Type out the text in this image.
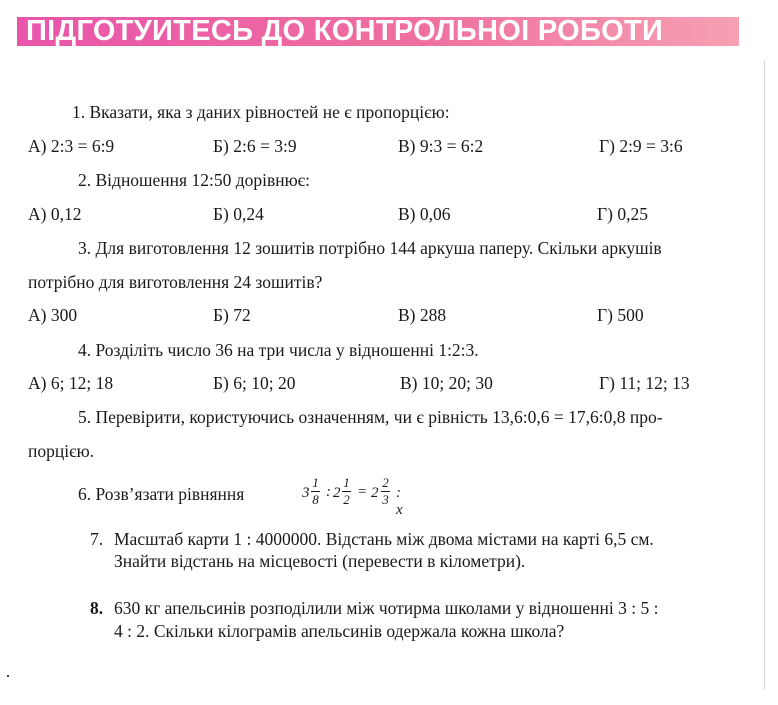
ПІДГОТУИТЕСЬ ДО КОНТРОЛЬНОІ РОБОТИ
1. Вказати, яка з даних рівностей не є пропорцією:
А) 2:3 = 6:9	Б) 2:6 = 3:9	В) 9:3 = 6:2	Г) 2:9 = 3:6
2. Відношення 12:50 дорівнює:
А) 0,12	Б) 0,24	В) 0,06	Г) 0,25
3. Для виготовлення 12 зошитів потрібно 144 аркуша паперу. Скільки аркушів
потрібно для виготовлення 24 зошитів?
А) 300	Б) 72	В) 288	Г) 500
4. Розділіть число 36 на три числа у відношенні 1:2:3.
А) 6; 12; 18	Б) 6; 10; 20	В) 10; 20; 30	Г) 11; 12; 13
5. Перевірити, користуючись означенням, чи є рівність 13,6:0,6 = 17,6:0,8 про-
порцією.
6. Розв’язати рівняння	3
1
8 : 2
1
2 = 2
2
3 : x
7. Масштаб карти 1 : 4000000. Відстань між двома містами на карті 6,5 см.
Знайти відстань на місцевості (перевести в кілометри).
8. 630 кг апельсинів розподілили між чотирма школами у відношенні 3 : 5 :
4 : 2. Скільки кілограмів апельсинів одержала кожна школа?
